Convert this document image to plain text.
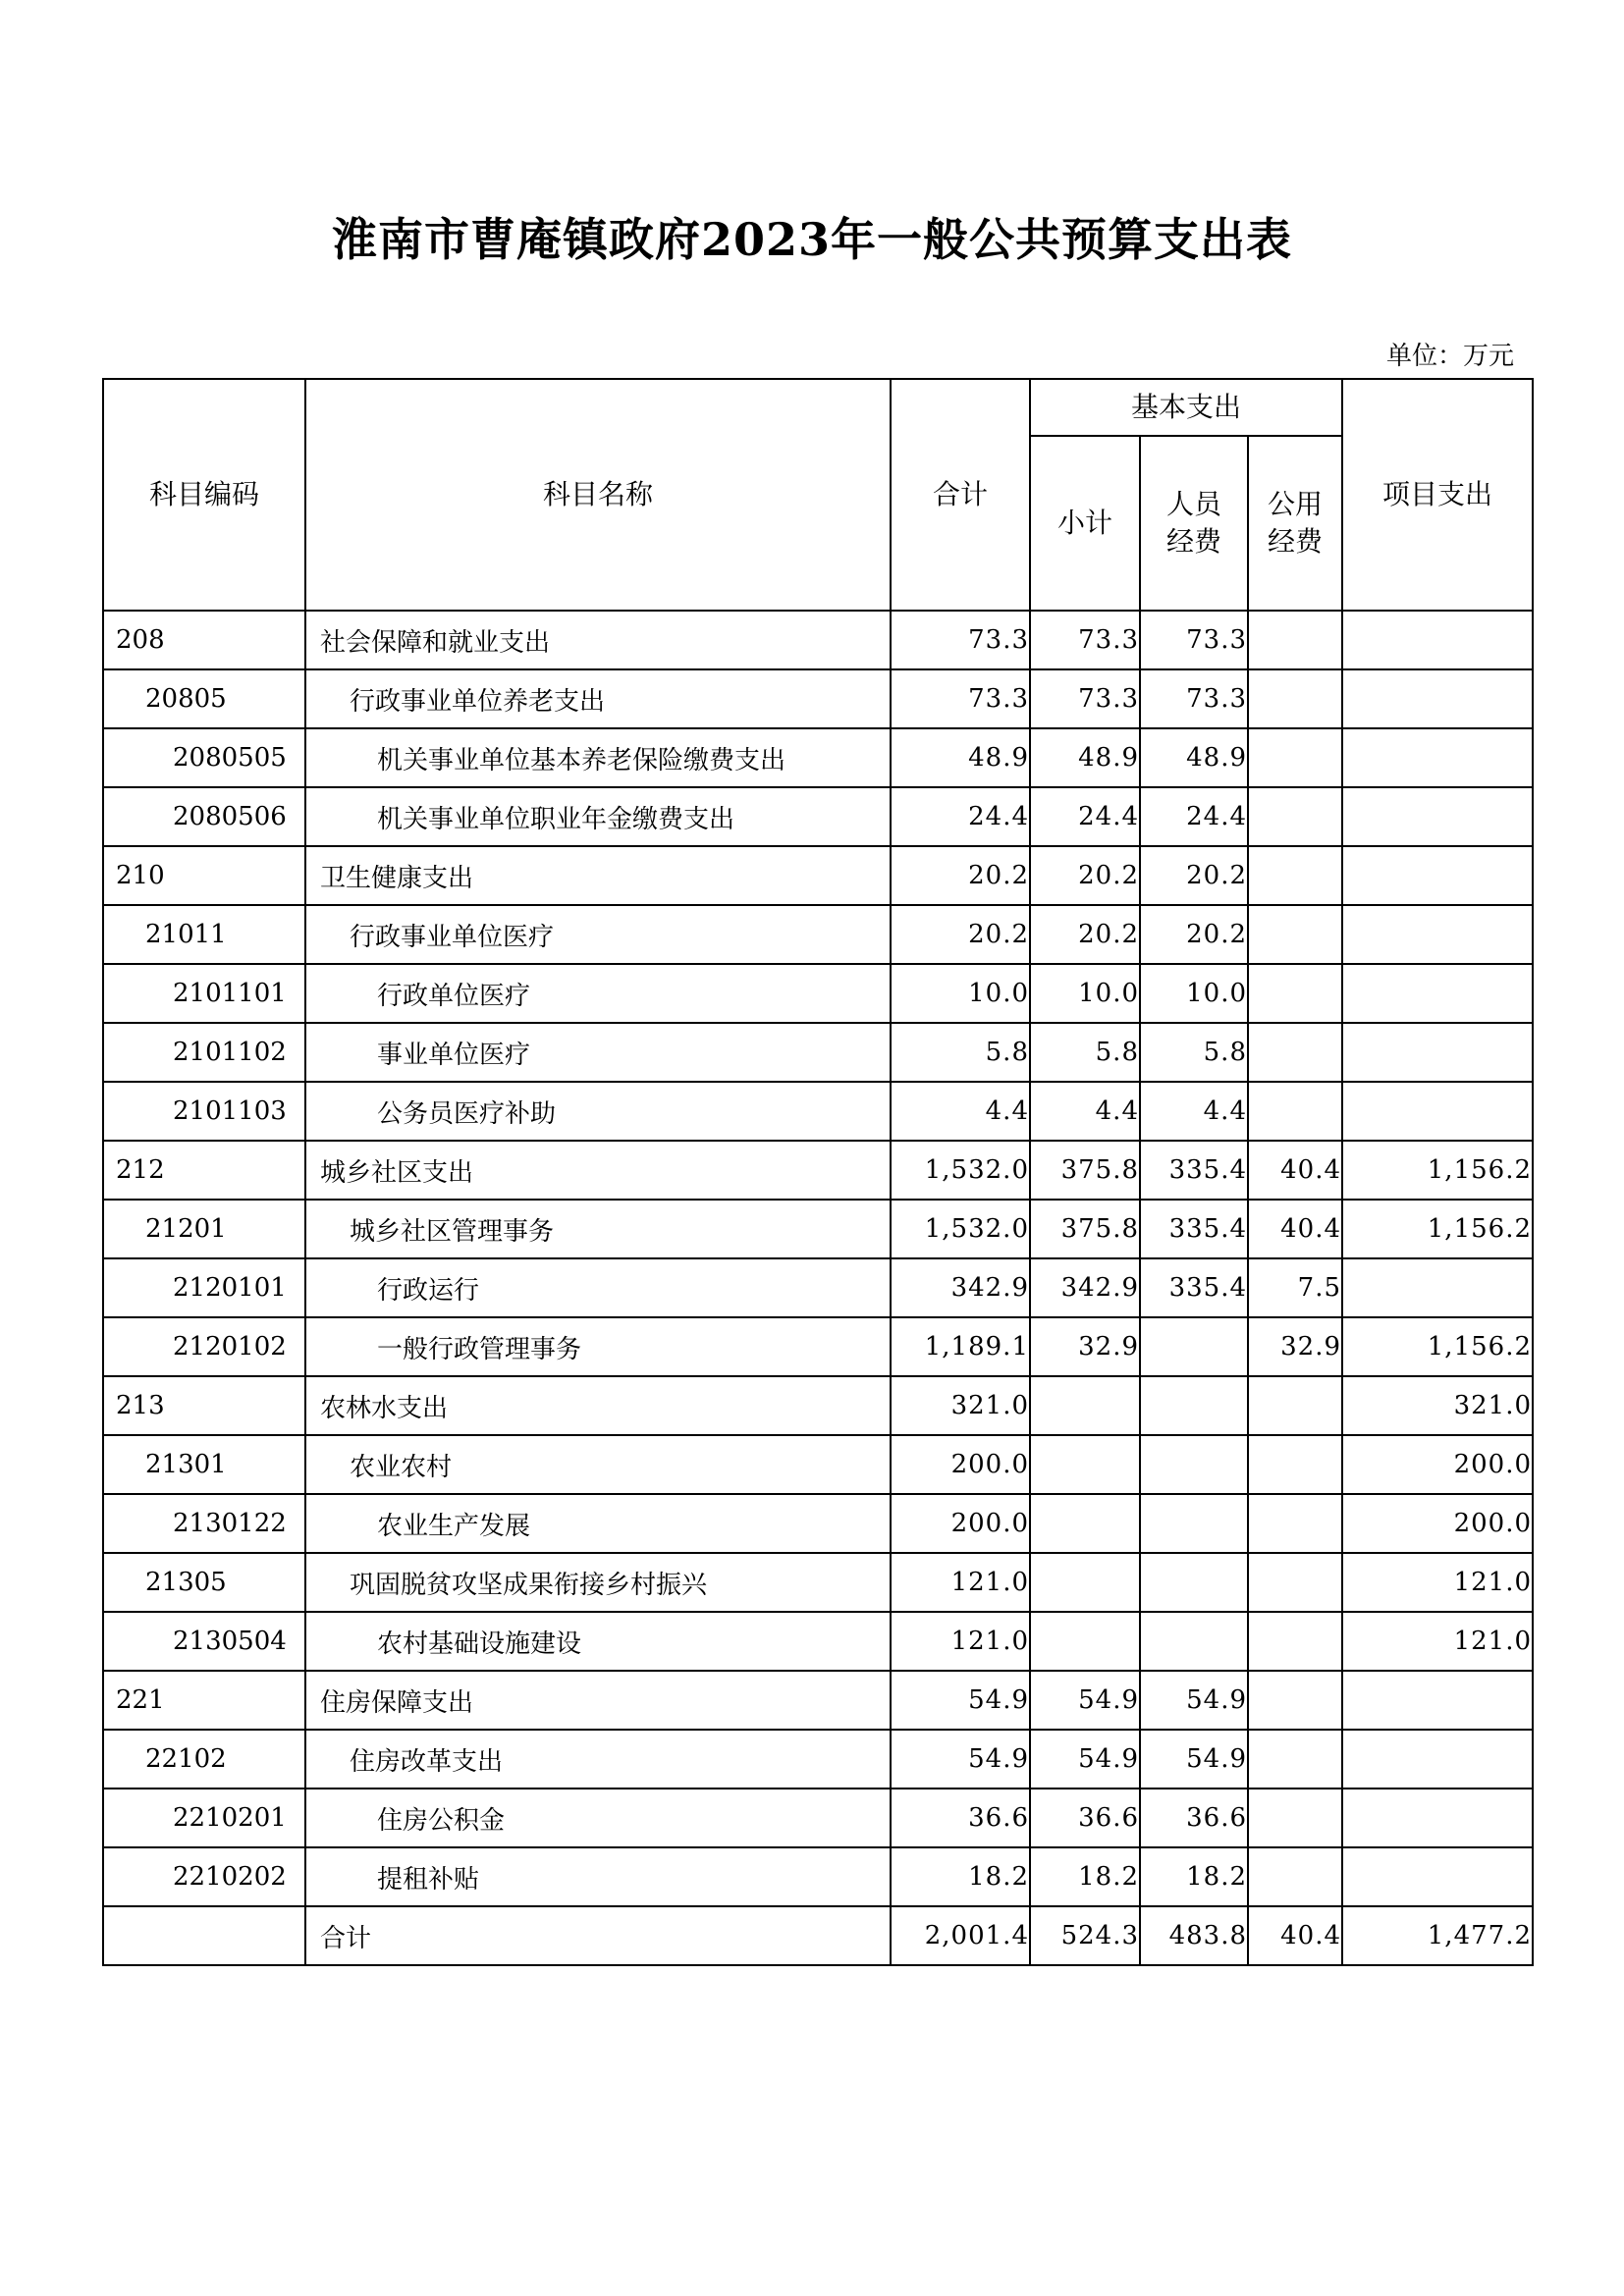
淮南市曹庵镇政府2023年一般公共预算支出表
单位：万元
科目编码	科目名称	合计	基本支出			项目支出
			小计	人员经费	公用经费	

208	社会保障和就业支出	73.3	73.3	73.3		
20805	行政事业单位养老支出	73.3	73.3	73.3		
2080505	机关事业单位基本养老保险缴费支出	48.9	48.9	48.9		
2080506	机关事业单位职业年金缴费支出	24.4	24.4	24.4		
210	卫生健康支出	20.2	20.2	20.2		
21011	行政事业单位医疗	20.2	20.2	20.2		
2101101	行政单位医疗	10.0	10.0	10.0		
2101102	事业单位医疗	5.8	5.8	5.8		
2101103	公务员医疗补助	4.4	4.4	4.4		
212	城乡社区支出	1,532.0	375.8	335.4	40.4	1,156.2
21201	城乡社区管理事务	1,532.0	375.8	335.4	40.4	1,156.2
2120101	行政运行	342.9	342.9	335.4	7.5	
2120102	一般行政管理事务	1,189.1	32.9		32.9	1,156.2
213	农林水支出	321.0				321.0
21301	农业农村	200.0				200.0
2130122	农业生产发展	200.0				200.0
21305	巩固脱贫攻坚成果衔接乡村振兴	121.0				121.0
2130504	农村基础设施建设	121.0				121.0
221	住房保障支出	54.9	54.9	54.9		
22102	住房改革支出	54.9	54.9	54.9		
2210201	住房公积金	36.6	36.6	36.6		
2210202	提租补贴	18.2	18.2	18.2		
	合计	2,001.4	524.3	483.8	40.4	1,477.2
